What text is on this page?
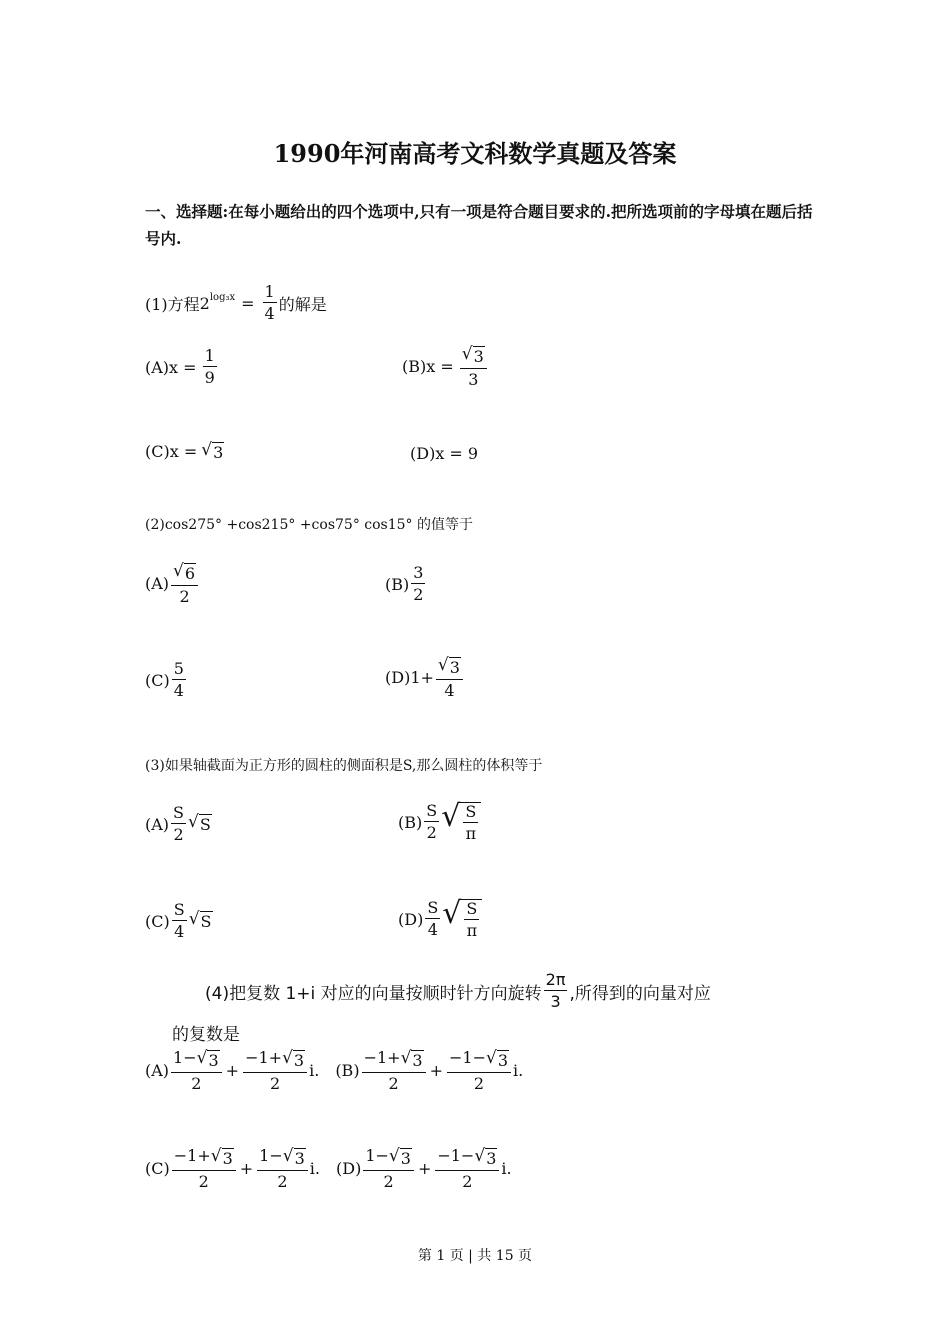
1990年河南高考文科数学真题及答案
一、选择题:在每小题给出的四个选项中,只有一项是符合题目要求的.把所选项前的字母填在题后括号内.
(1)方程 $2^{log_3x} = \frac{1}{4}$ 的解是
$(A)x = \frac{1}{9}$	$(B)x = \frac{√ 3}{3}$
(C)x = √ 3	(D)x = 9
(2)cos275° +cos215° +cos75° cos15° 的值等于
$(A) \frac{√ 6}{2}$	$(B) \frac{3}{2}$
$(C) \frac{5}{4}$	$(D)1+ \frac{√ 3}{4}$
(3)如果轴截面为正方形的圆柱的侧面积是S,那么圆柱的体积等于
$(A) \frac{S}{2}$ √ S	$(B) \frac{S}{2}$ √ $\frac{S}{\pi}$
$(C) \frac{S}{4}$ √ S	$(D) \frac{S}{4}$ √ $\frac{S}{\pi}$
(4)把复数 1+i 对应的向量按顺时针方向旋转 $\frac{2\pi}{3}$ ,所得到的向量对应
的复数是
$(A) \frac{1- √ 3}{2} + \frac{-1+ √ 3}{2} i$. $(B) \frac{-1+ √ 3}{2} + \frac{-1- √ 3}{2} i$.
$(C) \frac{-1+ √ 3}{2} + \frac{1- √ 3}{2} i$. $(D) \frac{1- √ 3}{2} + \frac{-1- √ 3}{2} i$.
第 1 页 | 共 15 页
